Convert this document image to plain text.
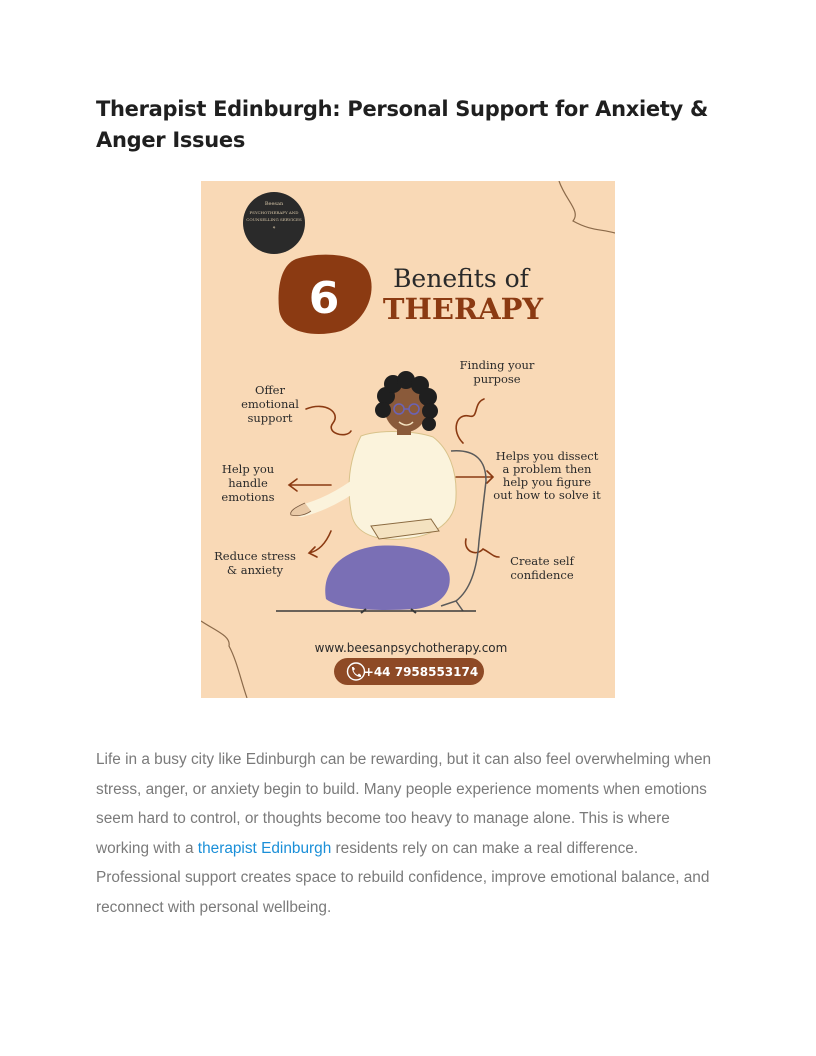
Therapist Edinburgh: Personal Support for Anxiety & Anger Issues
Beesan
PSYCHOTHERAPY AND
COUNSELLING SERVICES
⚘
6 Benefits of
THERAPY
Offer
emotional
support
Finding your
purpose
Help you
handle
emotions
Helps you dissect
a problem then
help you figure
out how to solve it
Reduce stress
& anxiety
Create self
confidence
www.beesanpsychotherapy.com
+44 7958553174

Life in a busy city like Edinburgh can be rewarding, but it can also feel overwhelming when stress, anger, or anxiety begin to build. Many people experience moments when emotions seem hard to control, or thoughts become too heavy to manage alone. This is where working with a therapist Edinburgh residents rely on can make a real difference. Professional support creates space to rebuild confidence, improve emotional balance, and reconnect with personal wellbeing.
